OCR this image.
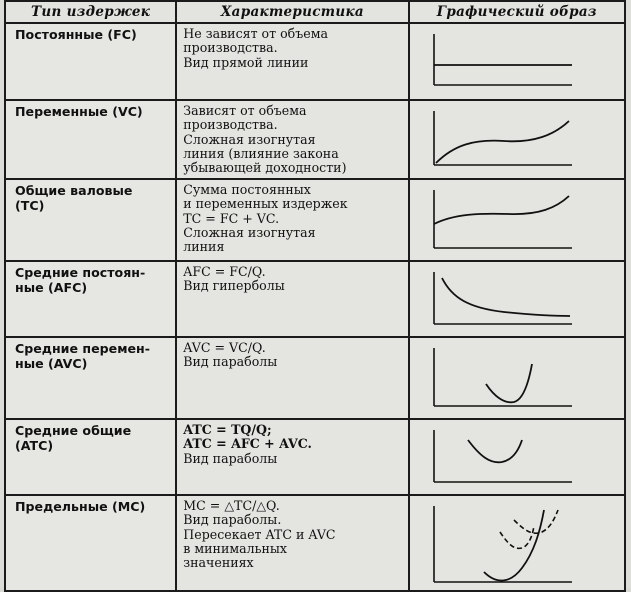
Тип издержек	Характеристика	Графический образ

Постоянные (FC)	Не зависят от объема
производства.
Вид прямой линии

Переменные (VC)	Зависят от объема
производства.
Сложная изогнутая
линия (влияние закона
убывающей доходности)

Общие валовые
(TC)	Сумма постоянных
и переменных издержек
TC = FC + VC.
Сложная изогнутая
линия

Средние постоян-
ные (AFC)	AFC = FC/Q.
Вид гиперболы

Средние перемен-
ные (AVC)	AVC = VC/Q.
Вид параболы

Средние общие
(ATC)	ATC = TQ/Q;
ATC = AFC + AVC.
Вид параболы

Предельные (MC)	MC = △TC/△Q.
Вид параболы.
Пересекает ATC и AVC
в минимальных
значениях
